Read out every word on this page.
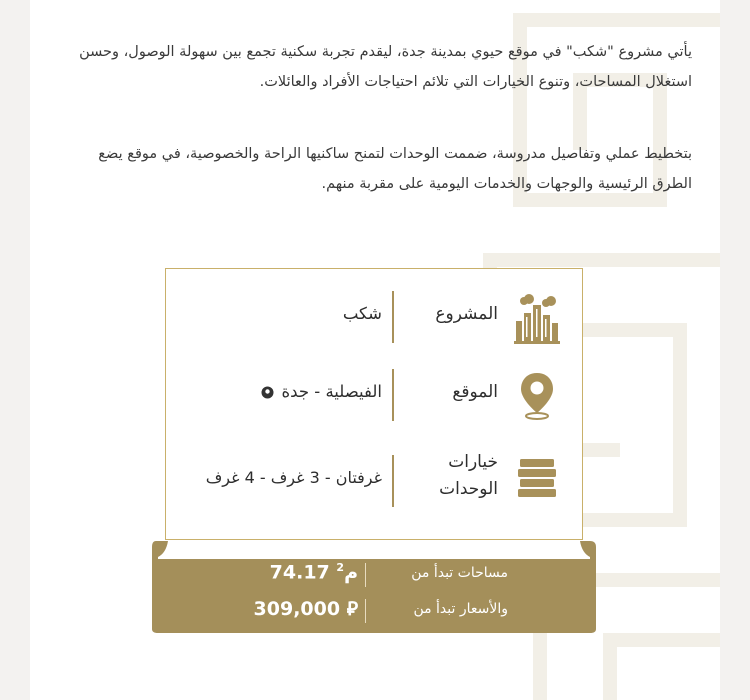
يأتي مشروع "شكب" في موقع حيوي بمدينة جدة، ليقدم تجربة سكنية تجمع بين سهولة الوصول، وحسن استغلال المساحات، وتنوع الخيارات التي تلائم احتياجات الأفراد والعائلات.

بتخطيط عملي وتفاصيل مدروسة، ضممت الوحدات لتمنح ساكنيها الراحة والخصوصية، في موقع يضع الطرق الرئيسية والوجهات والخدمات اليومية على مقربة منهم.

المشروع
شكب
الموقع
الفيصلية - جدة
خيارات
الوحدات
غرفتان - 3 غرف - 4 غرف
مساحات تبدأ من
م$^2$ 74.17
والأسعار تبدأ من
⃁ 309,000
